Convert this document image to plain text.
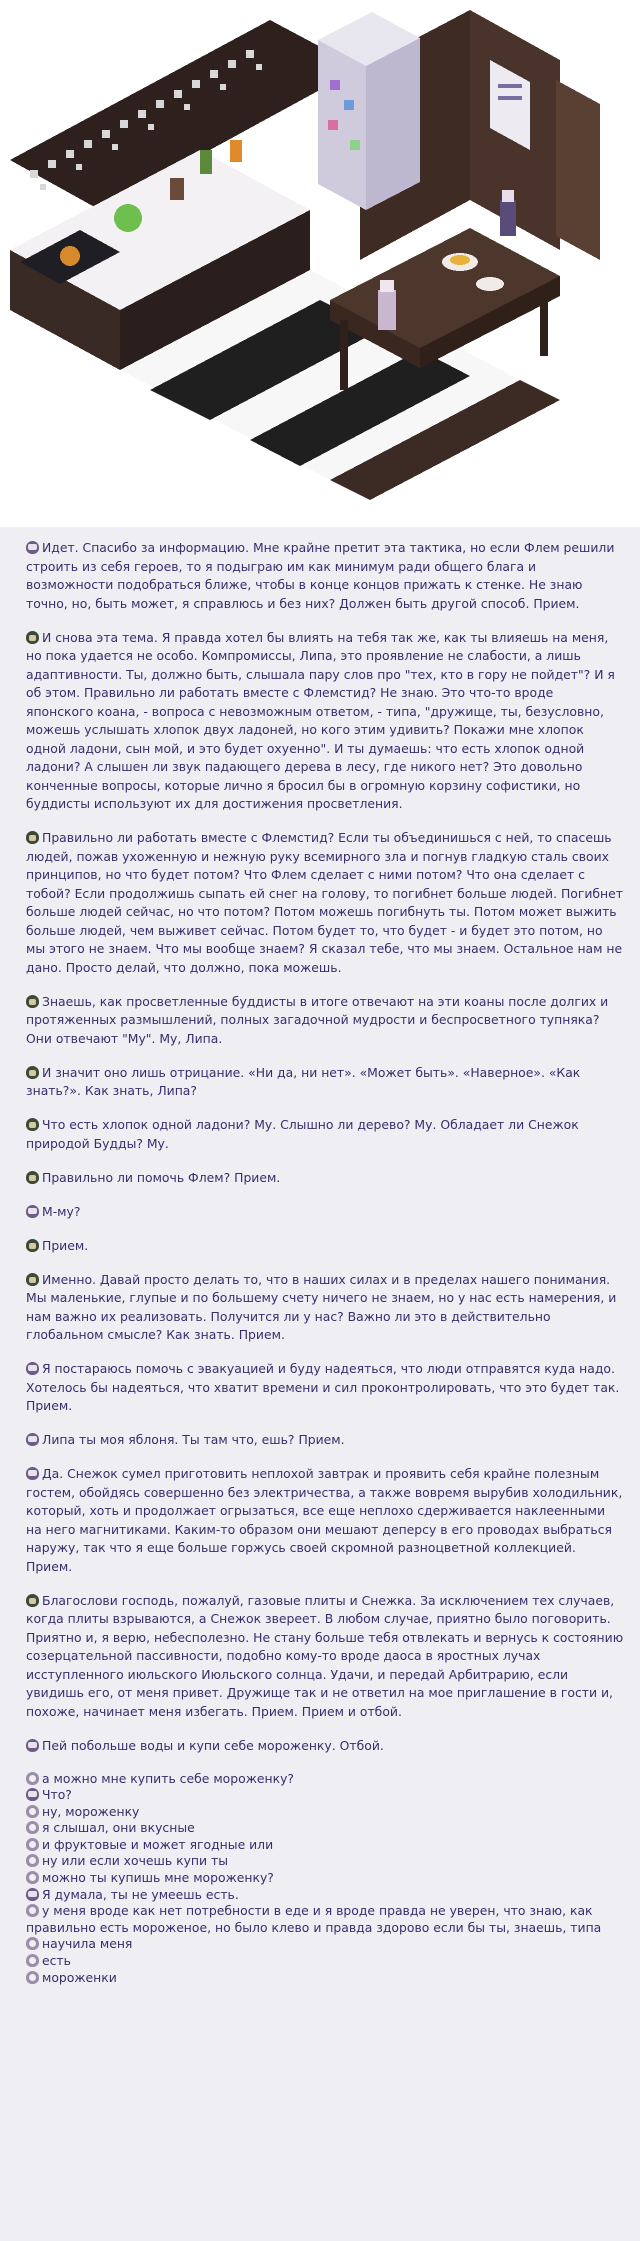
Идет. Спасибо за информацию. Мне крайне претит эта тактика, но если Флем решили строить из себя героев, то я подыграю им как минимум ради общего блага и возможности подобраться ближе, чтобы в конце концов прижать к стенке. Не знаю точно, но, быть может, я справлюсь и без них? Должен быть другой способ. Прием.

И снова эта тема. Я правда хотел бы влиять на тебя так же, как ты влияешь на меня, но пока удается не особо. Компромиссы, Липа, это проявление не слабости, а лишь адаптивности. Ты, должно быть, слышала пару слов про "тех, кто в гору не пойдет"? И я об этом. Правильно ли работать вместе с Флемстид? Не знаю. Это что-то вроде японского коана, - вопроса с невозможным ответом, - типа, "дружище, ты, безусловно, можешь услышать хлопок двух ладоней, но кого этим удивить? Покажи мне хлопок одной ладони, сын мой, и это будет охуенно". И ты думаешь: что есть хлопок одной ладони? А слышен ли звук падающего дерева в лесу, где никого нет? Это довольно конченные вопросы, которые лично я бросил бы в огромную корзину софистики, но буддисты используют их для достижения просветления.

Правильно ли работать вместе с Флемстид? Если ты объединишься с ней, то спасешь людей, пожав ухоженную и нежную руку всемирного зла и погнув гладкую сталь своих принципов, но что будет потом? Что Флем сделает с ними потом? Что она сделает с тобой? Если продолжишь сыпать ей снег на голову, то погибнет больше людей. Погибнет больше людей сейчас, но что потом? Потом можешь погибнуть ты. Потом может выжить больше людей, чем выживет сейчас. Потом будет то, что будет - и будет это потом, но мы этого не знаем. Что мы вообще знаем? Я сказал тебе, что мы знаем. Остальное нам не дано. Просто делай, что должно, пока можешь.

Знаешь, как просветленные буддисты в итоге отвечают на эти коаны после долгих и протяженных размышлений, полных загадочной мудрости и беспросветного тупняка? Они отвечают "Му". Му, Липа.

И значит оно лишь отрицание. «Ни да, ни нет». «Может быть». «Наверное». «Как знать?». Как знать, Липа?

Что есть хлопок одной ладони? Му. Слышно ли дерево? Му. Обладает ли Снежок природой Будды? Му.

Правильно ли помочь Флем? Прием.

М-му?

Прием.

Именно. Давай просто делать то, что в наших силах и в пределах нашего понимания. Мы маленькие, глупые и по большему счету ничего не знаем, но у нас есть намерения, и нам важно их реализовать. Получится ли у нас? Важно ли это в действительно глобальном смысле? Как знать. Прием.

Я постараюсь помочь с эвакуацией и буду надеяться, что люди отправятся куда надо. Хотелось бы надеяться, что хватит времени и сил проконтролировать, что это будет так. Прием.

Липа ты моя яблоня. Ты там что, ешь? Прием.

Да. Снежок сумел приготовить неплохой завтрак и проявить себя крайне полезным гостем, обойдясь совершенно без электричества, а также вовремя вырубив холодильник, который, хоть и продолжает огрызаться, все еще неплохо сдерживается наклеенными на него магнитиками. Каким-то образом они мешают деперсу в его проводах выбраться наружу, так что я еще больше горжусь своей скромной разноцветной коллекцией. Прием.

Благослови господь, пожалуй, газовые плиты и Снежка. За исключением тех случаев, когда плиты взрываются, а Снежок звереет. В любом случае, приятно было поговорить. Приятно и, я верю, небесполезно. Не стану больше тебя отвлекать и вернусь к состоянию созерцательной пассивности, подобно кому-то вроде даоса в яростных лучах исступленного июльского Июльского солнца. Удачи, и передай Арбитрарию, если увидишь его, от меня привет. Дружище так и не ответил на мое приглашение в гости и, похоже, начинает меня избегать. Прием. Прием и отбой.

Пей побольше воды и купи себе мороженку. Отбой.

а можно мне купить себе мороженку?

Что?

ну, мороженку

я слышал, они вкусные

и фруктовые и может ягодные или

ну или если хочешь купи ты

можно ты купишь мне мороженку?

Я думала, ты не умеешь есть.

у меня вроде как нет потребности в еде и я вроде правда не уверен, что знаю, как правильно есть мороженое, но было клево и правда здорово если бы ты, знаешь, типа

научила меня

есть

мороженки
